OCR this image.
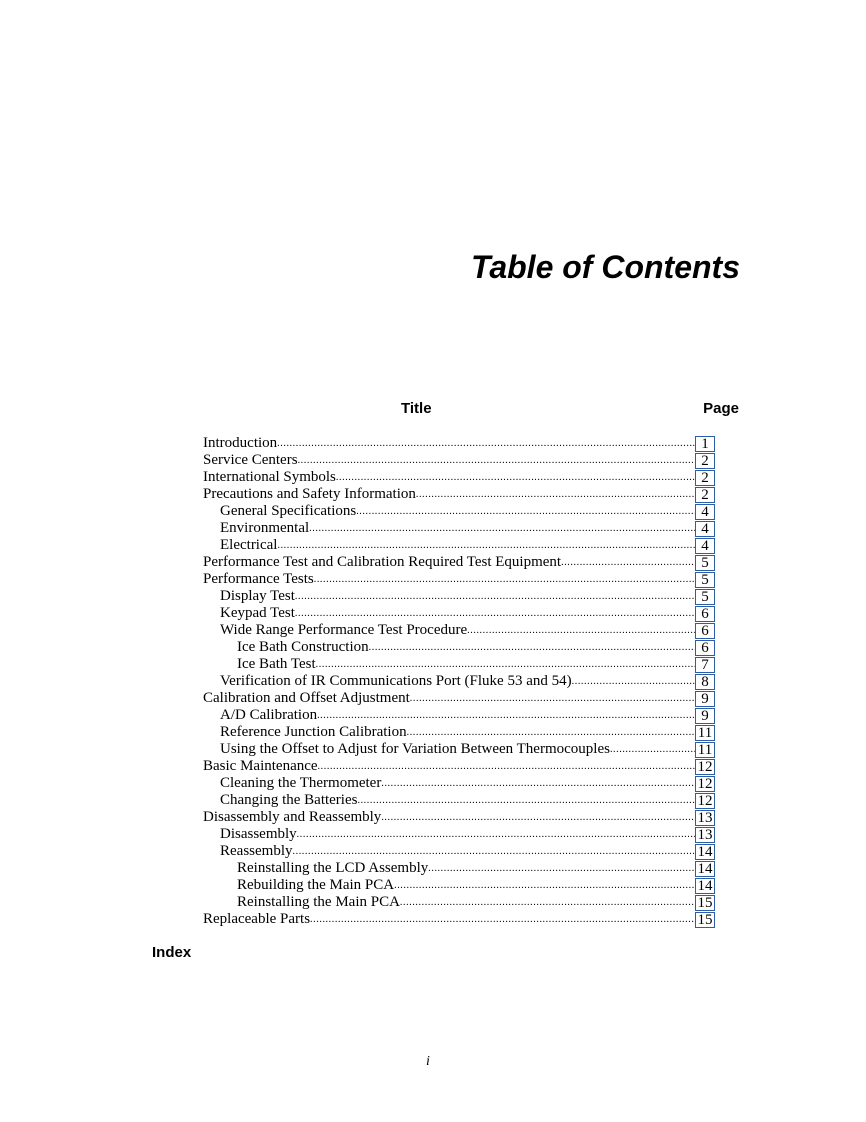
Table of Contents
Title	Page
Introduction .....	1
Service Centers .....	2
International Symbols .....	2
Precautions and Safety Information .....	2
General Specifications .....	4
Environmental .....	4
Electrical .....	4
Performance Test and Calibration Required Test Equipment .....	5
Performance Tests .....	5
Display Test .....	5
Keypad Test .....	6
Wide Range Performance Test Procedure .....	6
Ice Bath Construction .....	6
Ice Bath Test .....	7
Verification of IR Communications Port (Fluke 53 and 54) .....	8
Calibration and Offset Adjustment .....	9
A/D Calibration .....	9
Reference Junction Calibration .....	11
Using the Offset to Adjust for Variation Between Thermocouples .....	11
Basic Maintenance .....	12
Cleaning the Thermometer .....	12
Changing the Batteries .....	12
Disassembly and Reassembly .....	13
Disassembly .....	13
Reassembly .....	14
Reinstalling the LCD Assembly .....	14
Rebuilding the Main PCA .....	14
Reinstalling the Main PCA .....	15
Replaceable Parts .....	15
Index
i
